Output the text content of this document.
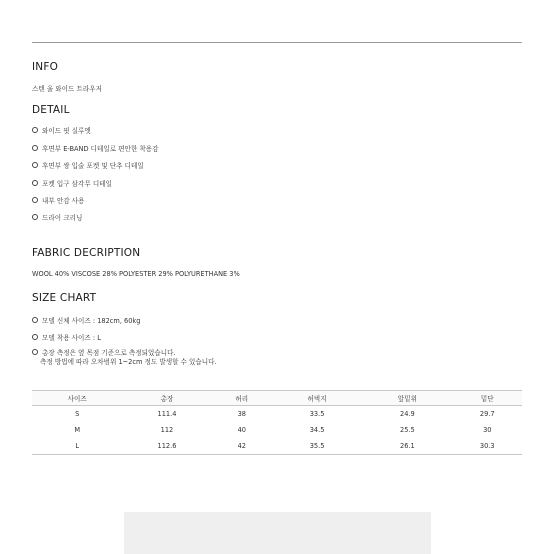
INFO
스텐 울 와이드 트라우저
DETAIL
와이드 핏 실루엣
후면부 E-BAND 디테일로 편안한 착용감
후면부 쌍 입술 포켓 및 단추 디테일
포켓 입구 삼각무 디테일
내부 안감 사용
드라이 크리닝
FABRIC DECRIPTION
WOOL 40% VISCOSE 28% POLYESTER 29% POLYURETHANE 3%
SIZE CHART
모델 신체 사이즈 : 182cm, 60kg
모델 착용 사이즈 : L
총장 측정은 옆 목점 기준으로 측정되었습니다.
측정 방법에 따라 오차범위 1~2cm 정도 발생할 수 있습니다.
사이즈	총장	허리	허벅지	앞밑위	밑단
S	111.4	38	33.5	24.9	29.7
M	112	40	34.5	25.5	30
L	112.6	42	35.5	26.1	30.3
